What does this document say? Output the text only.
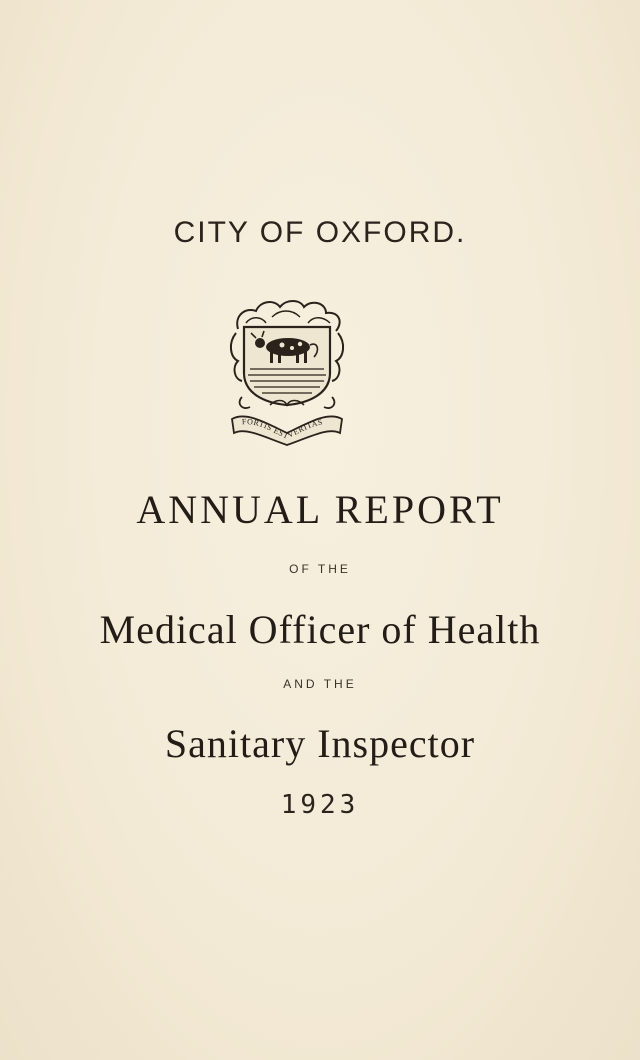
CITY OF OXFORD.
FORTIS EST VERITAS
ANNUAL REPORT
OF THE
Medical Officer of Health
AND THE
Sanitary Inspector
1923
